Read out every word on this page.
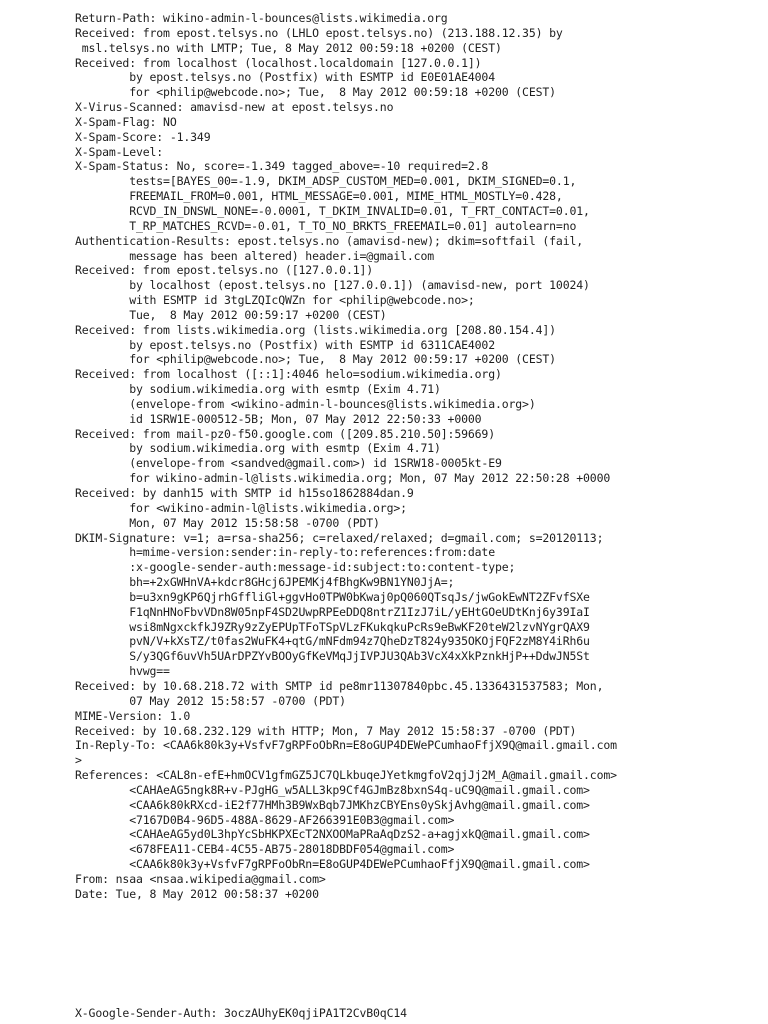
Return-Path: wikino-admin-l-bounces@lists.wikimedia.org
Received: from epost.telsys.no (LHLO epost.telsys.no) (213.188.12.35) by
msl.telsys.no with LMTP; Tue, 8 May 2012 00:59:18 +0200 (CEST)
Received: from localhost (localhost.localdomain [127.0.0.1])
by epost.telsys.no (Postfix) with ESMTP id E0E01AE4004
for <philip@webcode.no>; Tue,  8 May 2012 00:59:18 +0200 (CEST)
X-Virus-Scanned: amavisd-new at epost.telsys.no
X-Spam-Flag: NO
X-Spam-Score: -1.349
X-Spam-Level:
X-Spam-Status: No, score=-1.349 tagged_above=-10 required=2.8
tests=[BAYES_00=-1.9, DKIM_ADSP_CUSTOM_MED=0.001, DKIM_SIGNED=0.1,
FREEMAIL_FROM=0.001, HTML_MESSAGE=0.001, MIME_HTML_MOSTLY=0.428,
RCVD_IN_DNSWL_NONE=-0.0001, T_DKIM_INVALID=0.01, T_FRT_CONTACT=0.01,
T_RP_MATCHES_RCVD=-0.01, T_TO_NO_BRKTS_FREEMAIL=0.01] autolearn=no
Authentication-Results: epost.telsys.no (amavisd-new); dkim=softfail (fail,
message has been altered) header.i=@gmail.com
Received: from epost.telsys.no ([127.0.0.1])
by localhost (epost.telsys.no [127.0.0.1]) (amavisd-new, port 10024)
with ESMTP id 3tgLZQIcQWZn for <philip@webcode.no>;
Tue,  8 May 2012 00:59:17 +0200 (CEST)
Received: from lists.wikimedia.org (lists.wikimedia.org [208.80.154.4])
by epost.telsys.no (Postfix) with ESMTP id 6311CAE4002
for <philip@webcode.no>; Tue,  8 May 2012 00:59:17 +0200 (CEST)
Received: from localhost ([::1]:4046 helo=sodium.wikimedia.org)
by sodium.wikimedia.org with esmtp (Exim 4.71)
(envelope-from <wikino-admin-l-bounces@lists.wikimedia.org>)
id 1SRW1E-000512-5B; Mon, 07 May 2012 22:50:33 +0000
Received: from mail-pz0-f50.google.com ([209.85.210.50]:59669)
by sodium.wikimedia.org with esmtp (Exim 4.71)
(envelope-from <sandved@gmail.com>) id 1SRW18-0005kt-E9
for wikino-admin-l@lists.wikimedia.org; Mon, 07 May 2012 22:50:28 +0000
Received: by danh15 with SMTP id h15so1862884dan.9
for <wikino-admin-l@lists.wikimedia.org>;
Mon, 07 May 2012 15:58:58 -0700 (PDT)
DKIM-Signature: v=1; a=rsa-sha256; c=relaxed/relaxed; d=gmail.com; s=20120113;
h=mime-version:sender:in-reply-to:references:from:date
:x-google-sender-auth:message-id:subject:to:content-type;
bh=+2xGWHnVA+kdcr8GHcj6JPEMKj4fBhgKw9BN1YN0JjA=;
b=u3xn9gKP6QjrhGffliGl+ggvHo0TPW0bKwaj0pQ060QTsqJs/jwGokEwNT2ZFvfSXe
F1qNnHNoFbvVDn8W05npF4SD2UwpRPEeDDQ8ntrZ1IzJ7iL/yEHtGOeUDtKnj6y39IaI
wsi8mNgxckfkJ9ZRy9zZyEPUpTFoTSpVLzFKukqkuPcRs9eBwKF20teW2lzvNYgrQAX9
pvN/V+kXsTZ/t0fas2WuFK4+qtG/mNFdm94z7QheDzT824y935OKOjFQF2zM8Y4iRh6u
S/y3QGf6uvVh5UArDPZYvBOOyGfKeVMqJjIVPJU3QAb3VcX4xXkPznkHjP++DdwJN5St
hvwg==
Received: by 10.68.218.72 with SMTP id pe8mr11307840pbc.45.1336431537583; Mon,
07 May 2012 15:58:57 -0700 (PDT)
MIME-Version: 1.0
Received: by 10.68.232.129 with HTTP; Mon, 7 May 2012 15:58:37 -0700 (PDT)
In-Reply-To: <CAA6k80k3y+VsfvF7gRPFoObRn=E8oGUP4DEWePCumhaoFfjX9Q@mail.gmail.com
>
References: <CAL8n-efE+hmOCV1gfmGZ5JC7QLkbuqeJYetkmgfoV2qjJj2M_A@mail.gmail.com>
<CAHAeAG5ngk8R+v-PJgHG_w5ALL3kp9Cf4GJmBz8bxnS4q-uC9Q@mail.gmail.com>
<CAA6k80kRXcd-iE2f77HMh3B9WxBqb7JMKhzCBYEns0ySkjAvhg@mail.gmail.com>
<7167D0B4-96D5-488A-8629-AF266391E0B3@gmail.com>
<CAHAeAG5yd0L3hpYcSbHKPXEcT2NXOOMaPRaAqDzS2-a+agjxkQ@mail.gmail.com>
<678FEA11-CEB4-4C55-AB75-28018DBDF054@gmail.com>
<CAA6k80k3y+VsfvF7gRPFoObRn=E8oGUP4DEWePCumhaoFfjX9Q@mail.gmail.com>
From: nsaa <nsaa.wikipedia@gmail.com>
Date: Tue, 8 May 2012 00:58:37 +0200
X-Google-Sender-Auth: 3oczAUhyEK0qjiPA1T2CvB0qC14
